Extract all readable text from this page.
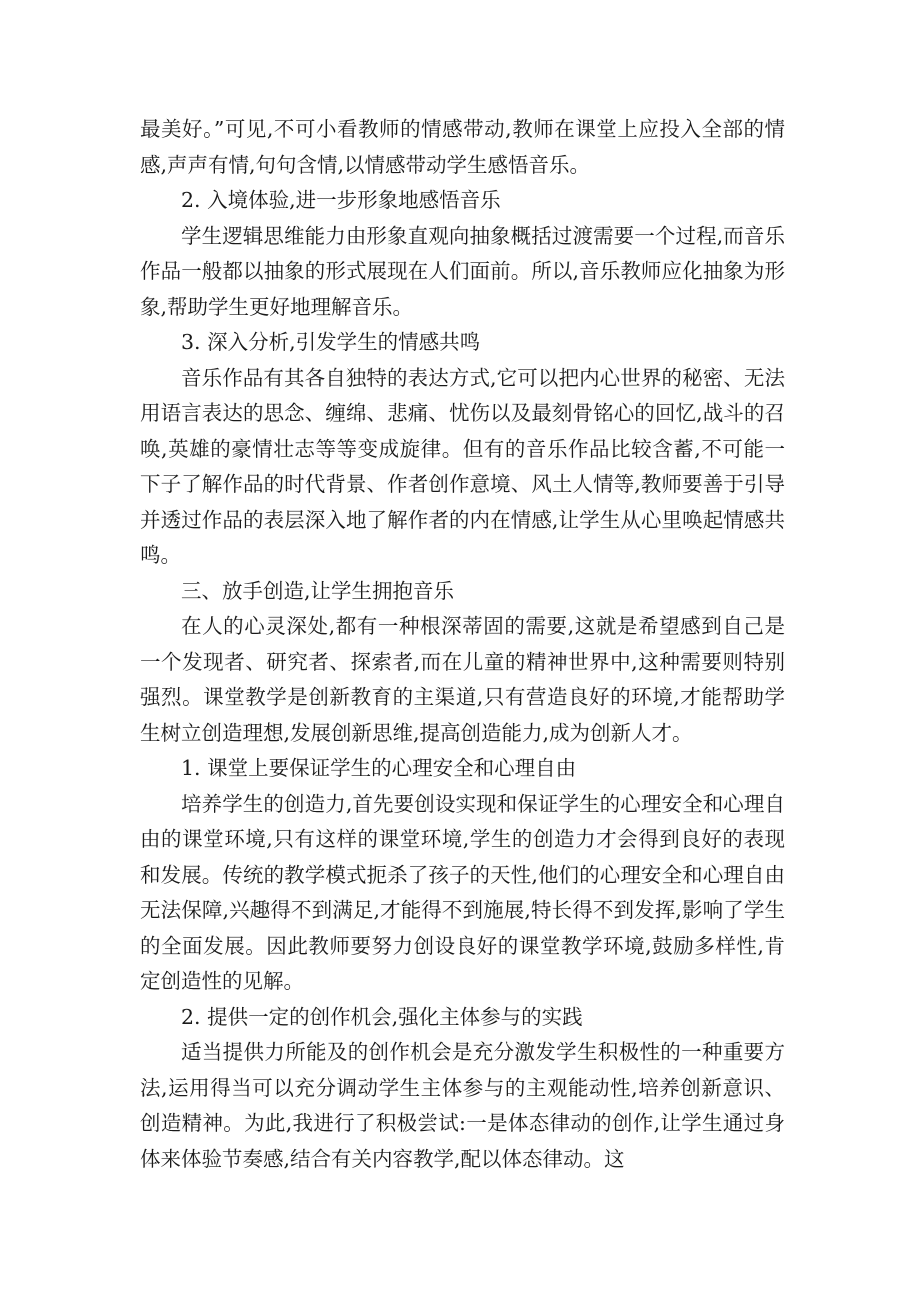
最美好。”可见,不可小看教师的情感带动,教师在课堂上应投入全部的情感,声声有情,句句含情,以情感带动学生感悟音乐。

2. 入境体验,进一步形象地感悟音乐

学生逻辑思维能力由形象直观向抽象概括过渡需要一个过程,而音乐作品一般都以抽象的形式展现在人们面前。所以,音乐教师应化抽象为形象,帮助学生更好地理解音乐。

3. 深入分析,引发学生的情感共鸣

音乐作品有其各自独特的表达方式,它可以把内心世界的秘密、无法用语言表达的思念、缠绵、悲痛、忧伤以及最刻骨铭心的回忆,战斗的召唤,英雄的豪情壮志等等变成旋律。但有的音乐作品比较含蓄,不可能一下子了解作品的时代背景、作者创作意境、风土人情等,教师要善于引导并透过作品的表层深入地了解作者的内在情感,让学生从心里唤起情感共鸣。

三、放手创造,让学生拥抱音乐

在人的心灵深处,都有一种根深蒂固的需要,这就是希望感到自己是一个发现者、研究者、探索者,而在儿童的精神世界中,这种需要则特别强烈。课堂教学是创新教育的主渠道,只有营造良好的环境,才能帮助学生树立创造理想,发展创新思维,提高创造能力,成为创新人才。

1. 课堂上要保证学生的心理安全和心理自由

培养学生的创造力,首先要创设实现和保证学生的心理安全和心理自由的课堂环境,只有这样的课堂环境,学生的创造力才会得到良好的表现和发展。传统的教学模式扼杀了孩子的天性,他们的心理安全和心理自由无法保障,兴趣得不到满足,才能得不到施展,特长得不到发挥,影响了学生的全面发展。因此教师要努力创设良好的课堂教学环境,鼓励多样性,肯定创造性的见解。

2. 提供一定的创作机会,强化主体参与的实践

适当提供力所能及的创作机会是充分激发学生积极性的一种重要方法,运用得当可以充分调动学生主体参与的主观能动性,培养创新意识、创造精神。为此,我进行了积极尝试:一是体态律动的创作,让学生通过身体来体验节奏感,结合有关内容教学,配以体态律动。这
